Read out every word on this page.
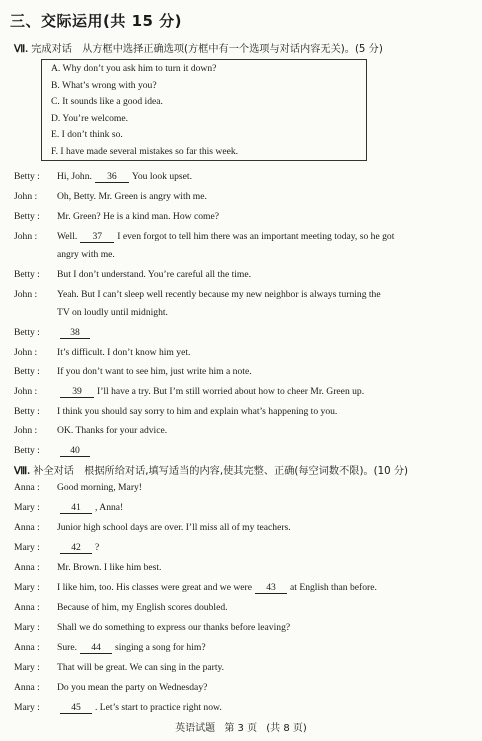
三、交际运用(共 15 分)
Ⅶ. 完成对话　从方框中选择正确选项(方框中有一个选项与对话内容无关)。(5 分)
A. Why don’t you ask him to turn it down?
B. What’s wrong with you?
C. It sounds like a good idea.
D. You’re welcome.
E. I don’t think so.
F. I have made several mistakes so far this week.
Betty : Hi, John. 36 You look upset.
John : Oh, Betty. Mr. Green is angry with me.
Betty : Mr. Green? He is a kind man. How come?
John : Well. 37 I even forgot to tell him there was an important meeting today, so he got
angry with me.
Betty : But I don’t understand. You’re careful all the time.
John : Yeah. But I can’t sleep well recently because my new neighbor is always turning the
TV on loudly until midnight.
Betty :	38
John : It’s difficult. I don’t know him yet.
Betty : If you don’t want to see him, just write him a note.
John :	39 I’ll have a try. But I’m still worried about how to cheer Mr. Green up.
Betty : I think you should say sorry to him and explain what’s happening to you.
John : OK. Thanks for your advice.
Betty :	40
Ⅷ. 补全对话　根据所给对话,填写适当的内容,使其完整、正确(每空词数不限)。(10 分)
Anna : Good morning, Mary!
Mary :	41 , Anna!
Anna : Junior high school days are over. I’ll miss all of my teachers.
Mary :	42 ?
Anna : Mr. Brown. I like him best.
Mary : I like him, too. His classes were great and we were 43 at English than before.
Anna : Because of him, my English scores doubled.
Mary : Shall we do something to express our thanks before leaving?
Anna : Sure. 44 singing a song for him?
Mary : That will be great. We can sing in the party.
Anna : Do you mean the party on Wednesday?
Mary :	45 . Let’s start to practice right now.
英语试题 第 3 页 (共 8 页)
